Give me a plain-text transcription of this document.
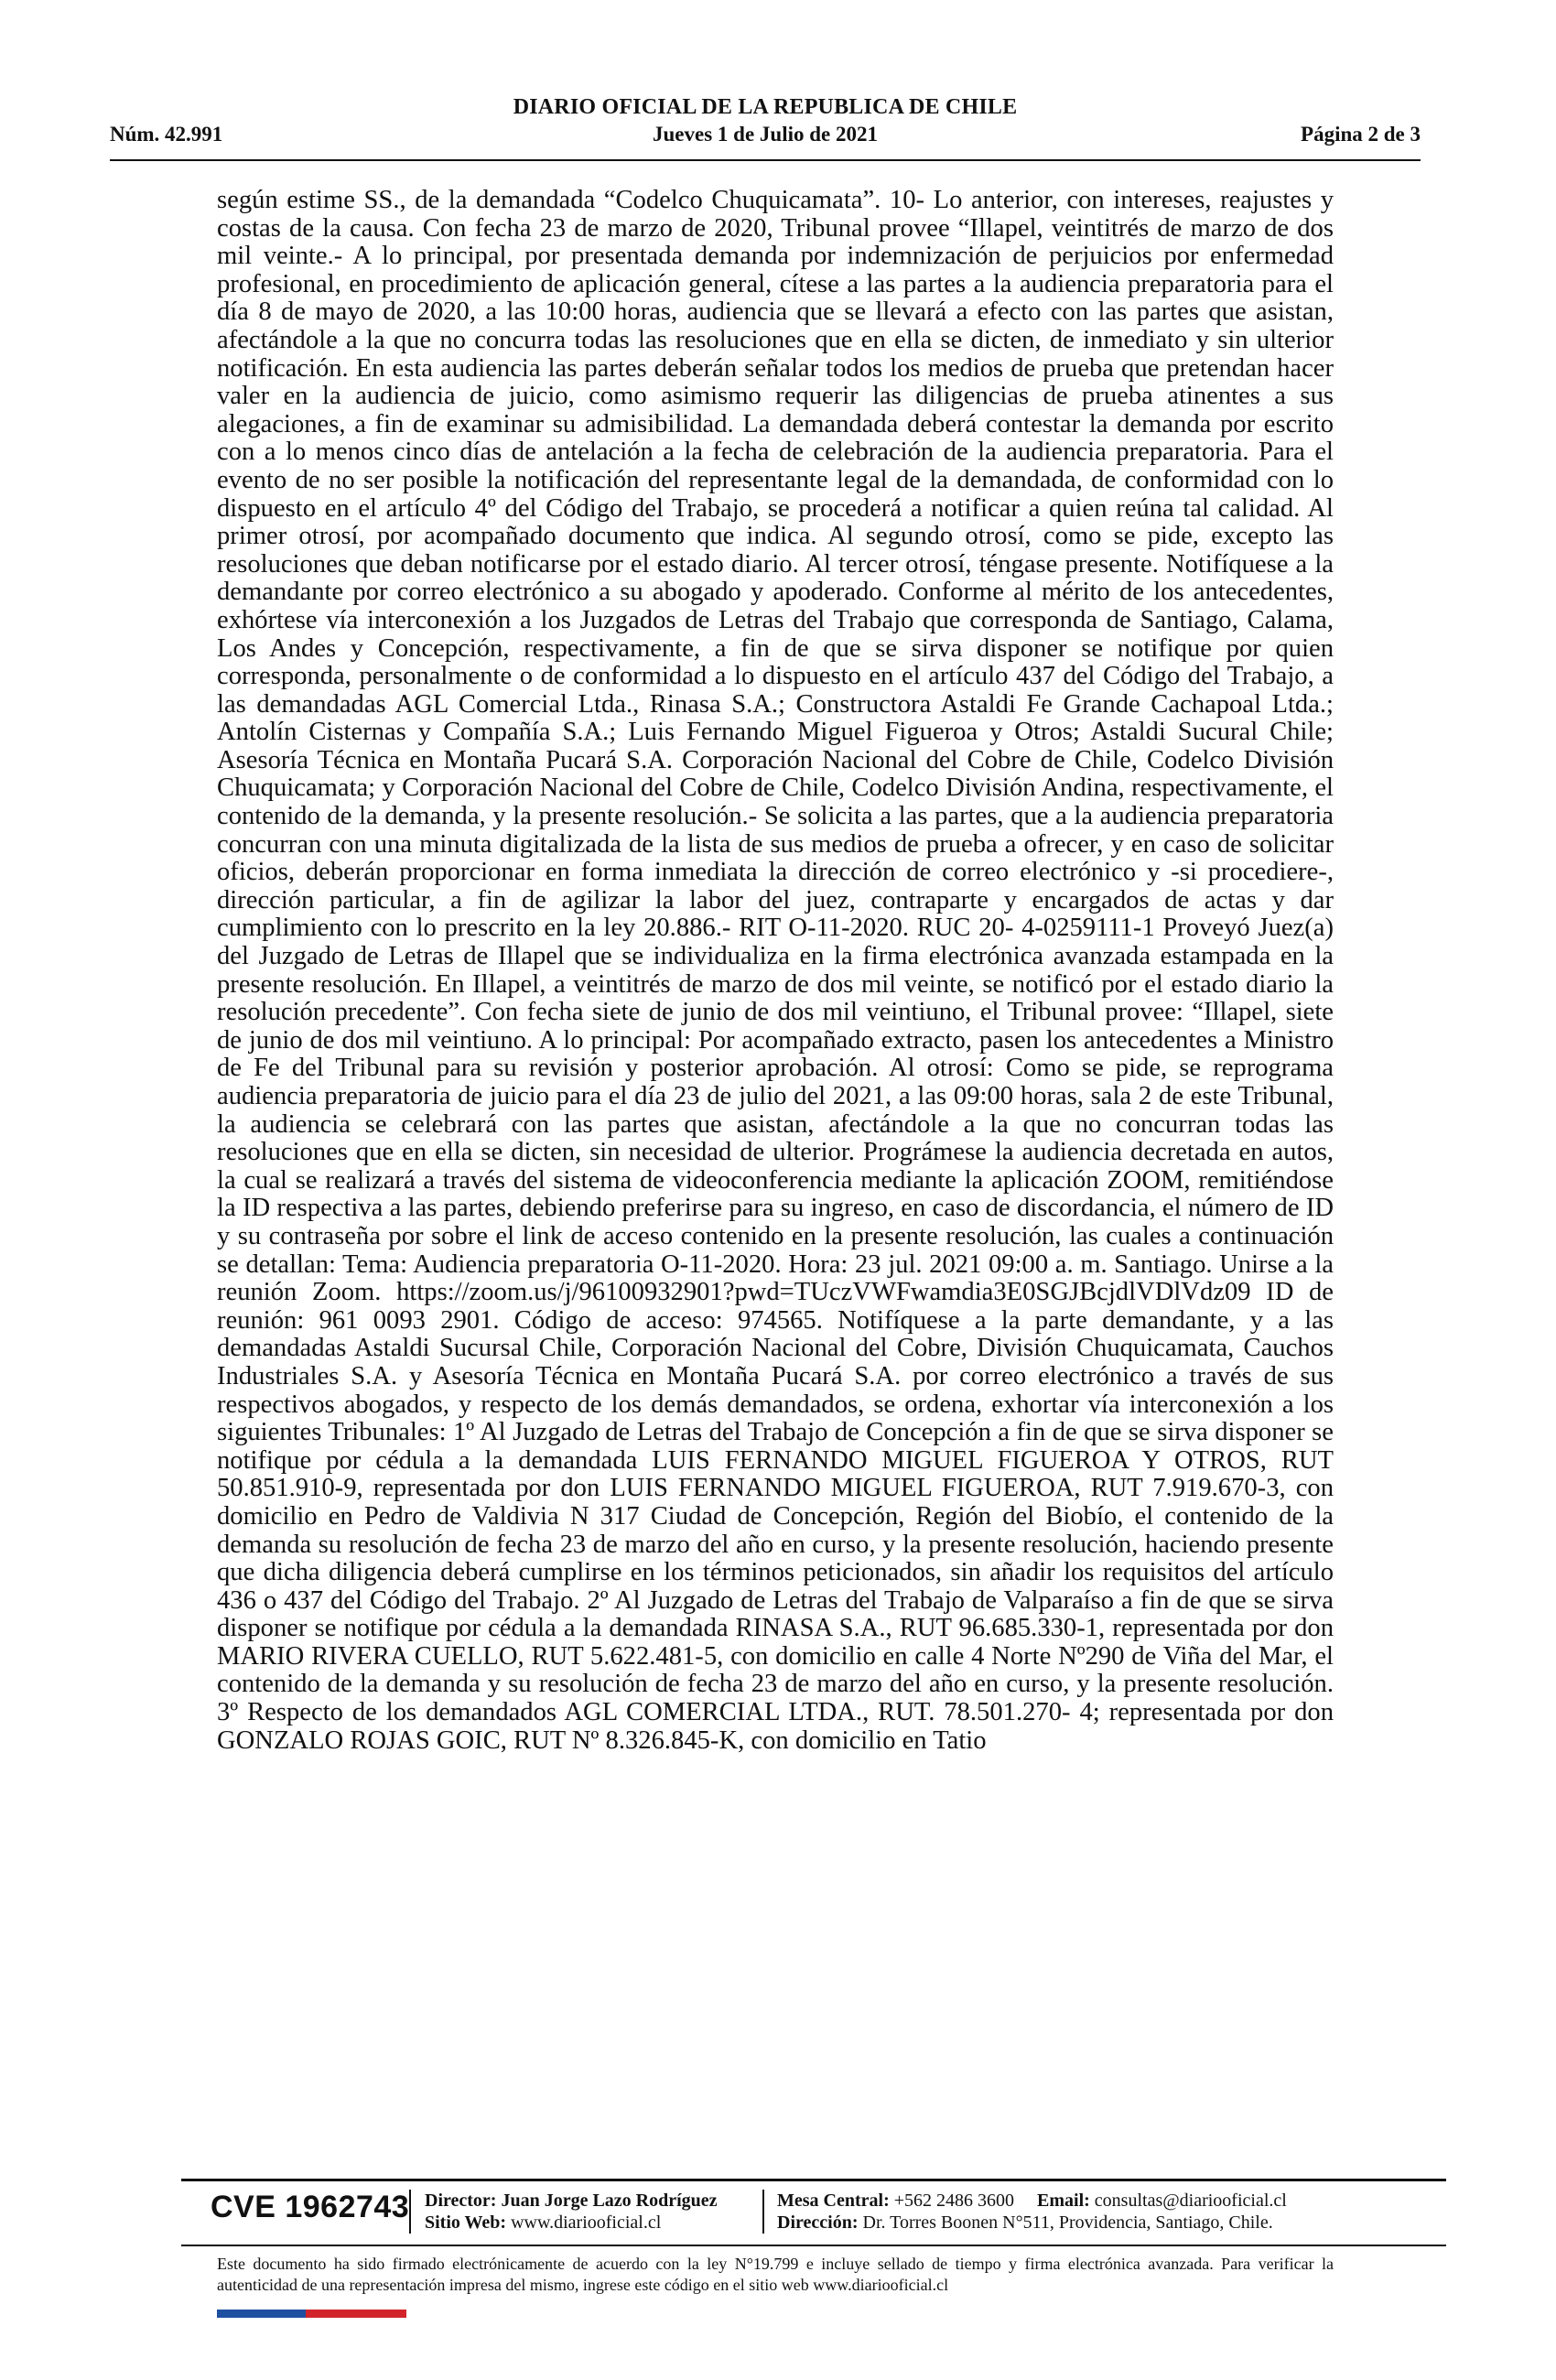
DIARIO OFICIAL DE LA REPUBLICA DE CHILE
Núm. 42.991	Jueves 1 de Julio de 2021	Página 2 de 3
según estime SS., de la demandada “Codelco Chuquicamata”. 10- Lo anterior, con intereses, reajustes y costas de la causa. Con fecha 23 de marzo de 2020, Tribunal provee “Illapel, veintitrés de marzo de dos mil veinte.- A lo principal, por presentada demanda por indemnización de perjuicios por enfermedad profesional, en procedimiento de aplicación general, cítese a las partes a la audiencia preparatoria para el día 8 de mayo de 2020, a las 10:00 horas, audiencia que se llevará a efecto con las partes que asistan, afectándole a la que no concurra todas las resoluciones que en ella se dicten, de inmediato y sin ulterior notificación. En esta audiencia las partes deberán señalar todos los medios de prueba que pretendan hacer valer en la audiencia de juicio, como asimismo requerir las diligencias de prueba atinentes a sus alegaciones, a fin de examinar su admisibilidad. La demandada deberá contestar la demanda por escrito con a lo menos cinco días de antelación a la fecha de celebración de la audiencia preparatoria. Para el evento de no ser posible la notificación del representante legal de la demandada, de conformidad con lo dispuesto en el artículo 4º del Código del Trabajo, se procederá a notificar a quien reúna tal calidad. Al primer otrosí, por acompañado documento que indica. Al segundo otrosí, como se pide, excepto las resoluciones que deban notificarse por el estado diario. Al tercer otrosí, téngase presente. Notifíquese a la demandante por correo electrónico a su abogado y apoderado. Conforme al mérito de los antecedentes, exhórtese vía interconexión a los Juzgados de Letras del Trabajo que corresponda de Santiago, Calama, Los Andes y Concepción, respectivamente, a fin de que se sirva disponer se notifique por quien corresponda, personalmente o de conformidad a lo dispuesto en el artículo 437 del Código del Trabajo, a las demandadas AGL Comercial Ltda., Rinasa S.A.; Constructora Astaldi Fe Grande Cachapoal Ltda.; Antolín Cisternas y Compañía S.A.; Luis Fernando Miguel Figueroa y Otros; Astaldi Sucural Chile; Asesoría Técnica en Montaña Pucará S.A. Corporación Nacional del Cobre de Chile, Codelco División Chuquicamata; y Corporación Nacional del Cobre de Chile, Codelco División Andina, respectivamente, el contenido de la demanda, y la presente resolución.- Se solicita a las partes, que a la audiencia preparatoria concurran con una minuta digitalizada de la lista de sus medios de prueba a ofrecer, y en caso de solicitar oficios, deberán proporcionar en forma inmediata la dirección de correo electrónico y -si procediere-, dirección particular, a fin de agilizar la labor del juez, contraparte y encargados de actas y dar cumplimiento con lo prescrito en la ley 20.886.- RIT O-11-2020. RUC 20- 4-0259111-1 Proveyó Juez(a) del Juzgado de Letras de Illapel que se individualiza en la firma electrónica avanzada estampada en la presente resolución. En Illapel, a veintitrés de marzo de dos mil veinte, se notificó por el estado diario la resolución precedente”. Con fecha siete de junio de dos mil veintiuno, el Tribunal provee: “Illapel, siete de junio de dos mil veintiuno. A lo principal: Por acompañado extracto, pasen los antecedentes a Ministro de Fe del Tribunal para su revisión y posterior aprobación. Al otrosí: Como se pide, se reprograma audiencia preparatoria de juicio para el día 23 de julio del 2021, a las 09:00 horas, sala 2 de este Tribunal, la audiencia se celebrará con las partes que asistan, afectándole a la que no concurran todas las resoluciones que en ella se dicten, sin necesidad de ulterior. Prográmese la audiencia decretada en autos, la cual se realizará a través del sistema de videoconferencia mediante la aplicación ZOOM, remitiéndose la ID respectiva a las partes, debiendo preferirse para su ingreso, en caso de discordancia, el número de ID y su contraseña por sobre el link de acceso contenido en la presente resolución, las cuales a continuación se detallan: Tema: Audiencia preparatoria O-11-2020. Hora: 23 jul. 2021 09:00 a. m. Santiago. Unirse a la reunión Zoom. https://zoom.us/j/96100932901?pwd=TUczVWFwamdia3E0SGJBcjdlVDlVdz09 ID de reunión: 961 0093 2901. Código de acceso: 974565. Notifíquese a la parte demandante, y a las demandadas Astaldi Sucursal Chile, Corporación Nacional del Cobre, División Chuquicamata, Cauchos Industriales S.A. y Asesoría Técnica en Montaña Pucará S.A. por correo electrónico a través de sus respectivos abogados, y respecto de los demás demandados, se ordena, exhortar vía interconexión a los siguientes Tribunales: 1º Al Juzgado de Letras del Trabajo de Concepción a fin de que se sirva disponer se notifique por cédula a la demandada LUIS FERNANDO MIGUEL FIGUEROA Y OTROS, RUT 50.851.910-9, representada por don LUIS FERNANDO MIGUEL FIGUEROA, RUT 7.919.670-3, con domicilio en Pedro de Valdivia N 317 Ciudad de Concepción, Región del Biobío, el contenido de la demanda su resolución de fecha 23 de marzo del año en curso, y la presente resolución, haciendo presente que dicha diligencia deberá cumplirse en los términos peticionados, sin añadir los requisitos del artículo 436 o 437 del Código del Trabajo. 2º Al Juzgado de Letras del Trabajo de Valparaíso a fin de que se sirva disponer se notifique por cédula a la demandada RINASA S.A., RUT 96.685.330-1, representada por don MARIO RIVERA CUELLO, RUT 5.622.481-5, con domicilio en calle 4 Norte Nº290 de Viña del Mar, el contenido de la demanda y su resolución de fecha 23 de marzo del año en curso, y la presente resolución. 3º Respecto de los demandados AGL COMERCIAL LTDA., RUT. 78.501.270- 4; representada por don GONZALO ROJAS GOIC, RUT Nº 8.326.845-K, con domicilio en Tatio
CVE 1962743 Director: Juan Jorge Lazo Rodríguez
Sitio Web: www.diariooficial.cl
Mesa Central: +562 2486 3600 Email: consultas@diariooficial.cl
Dirección: Dr. Torres Boonen N°511, Providencia, Santiago, Chile.
Este documento ha sido firmado electrónicamente de acuerdo con la ley N°19.799 e incluye sellado de tiempo y firma electrónica avanzada. Para verificar la autenticidad de una representación impresa del mismo, ingrese este código en el sitio web www.diariooficial.cl
